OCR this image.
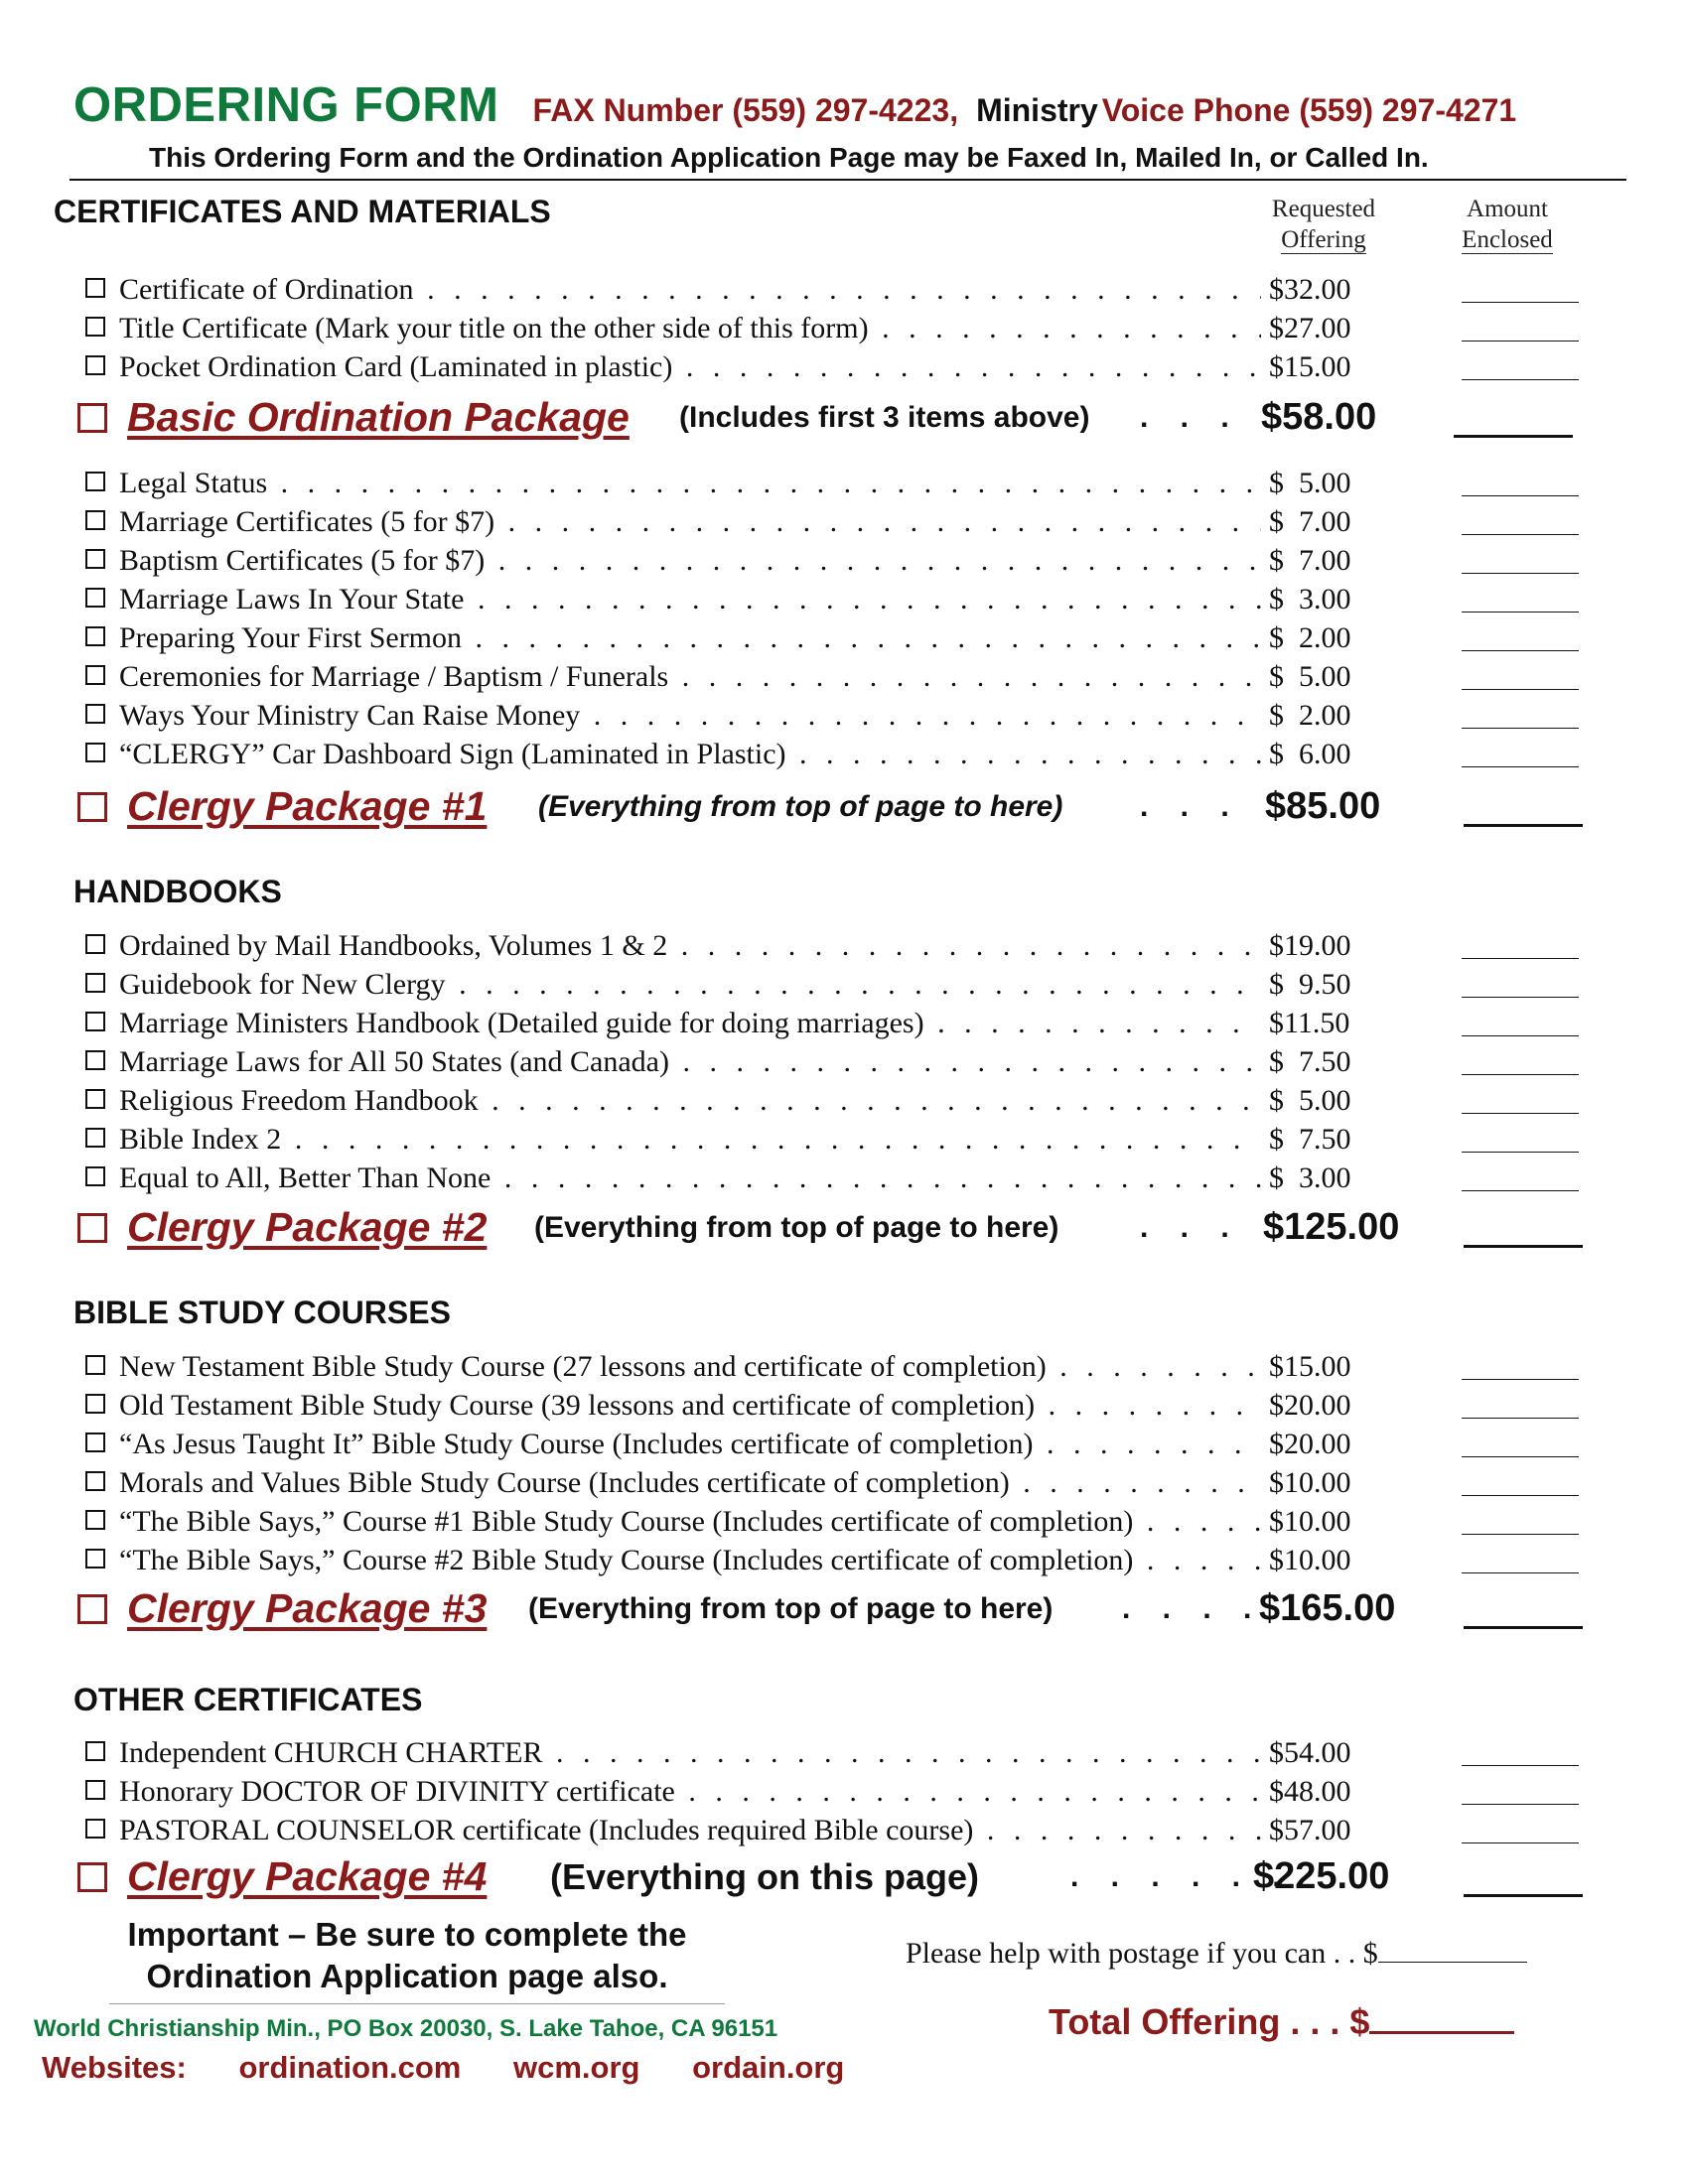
ORDERING FORM FAX Number (559) 297-4223, Ministry Voice Phone (559) 297-4271
This Ordering Form and the Ordination Application Page may be Faxed In, Mailed In, or Called In.
Requested
Offering
Amount
Enclosed
CERTIFICATES AND MATERIALS
Certificate of Ordination . . .	$32.00
Title Certificate (Mark your title on the other side of this form) . . .	$27.00
Pocket Ordination Card (Laminated in plastic) . . .	$15.00
Basic Ordination Package (Includes first 3 items above) . . . $58.00
Legal Status . . .	$  5.00
Marriage Certificates (5 for $7) . . .	$  7.00
Baptism Certificates (5 for $7) . . .	$  7.00
Marriage Laws In Your State . . .	$  3.00
Preparing Your First Sermon . . .	$  2.00
Ceremonies for Marriage / Baptism / Funerals . . .	$  5.00
Ways Your Ministry Can Raise Money . . .	$  2.00
“CLERGY” Car Dashboard Sign (Laminated in Plastic) . . .	$  6.00
Clergy Package #1 (Everything from top of page to here)	. . . $85.00
HANDBOOKS
Ordained by Mail Handbooks, Volumes 1 & 2 . . .	$19.00
Guidebook for New Clergy . . .	$  9.50
Marriage Ministers Handbook (Detailed guide for doing marriages) . . .	$11.50
Marriage Laws for All 50 States (and Canada) . . .	$  7.50
Religious Freedom Handbook . . .	$  5.00
Bible Index 2 . . .	$  7.50
Equal to All, Better Than None . . .	$  3.00
Clergy Package #2 (Everything from top of page to here)	. . . $125.00
BIBLE STUDY COURSES
New Testament Bible Study Course (27 lessons and certificate of completion) . . .	$15.00
Old Testament Bible Study Course (39 lessons and certificate of completion) . . .	$20.00
“As Jesus Taught It” Bible Study Course (Includes certificate of completion) . . .	$20.00
Morals and Values Bible Study Course (Includes certificate of completion) . . .	$10.00
“The Bible Says,” Course #1 Bible Study Course (Includes certificate of completion) . . .	$10.00
“The Bible Says,” Course #2 Bible Study Course (Includes certificate of completion) . . .	$10.00
Clergy Package #3 (Everything from top of page to here) . . . .
$165.00
OTHER CERTIFICATES
Independent CHURCH CHARTER . . .	$54.00
Honorary DOCTOR OF DIVINITY certificate . . .	$48.00
PASTORAL COUNSELOR certificate (Includes required Bible course) . . .	$57.00
Clergy Package #4 (Everything on this page)	. . . . . .
$225.00
Important – Be sure to complete the
Ordination Application page also.
Please help with postage if you can . . $
World Christianship Min., PO Box 20030, S. Lake Tahoe, CA 96151
Websites: ordination.com wcm.org ordain.org
Total Offering . . . $
